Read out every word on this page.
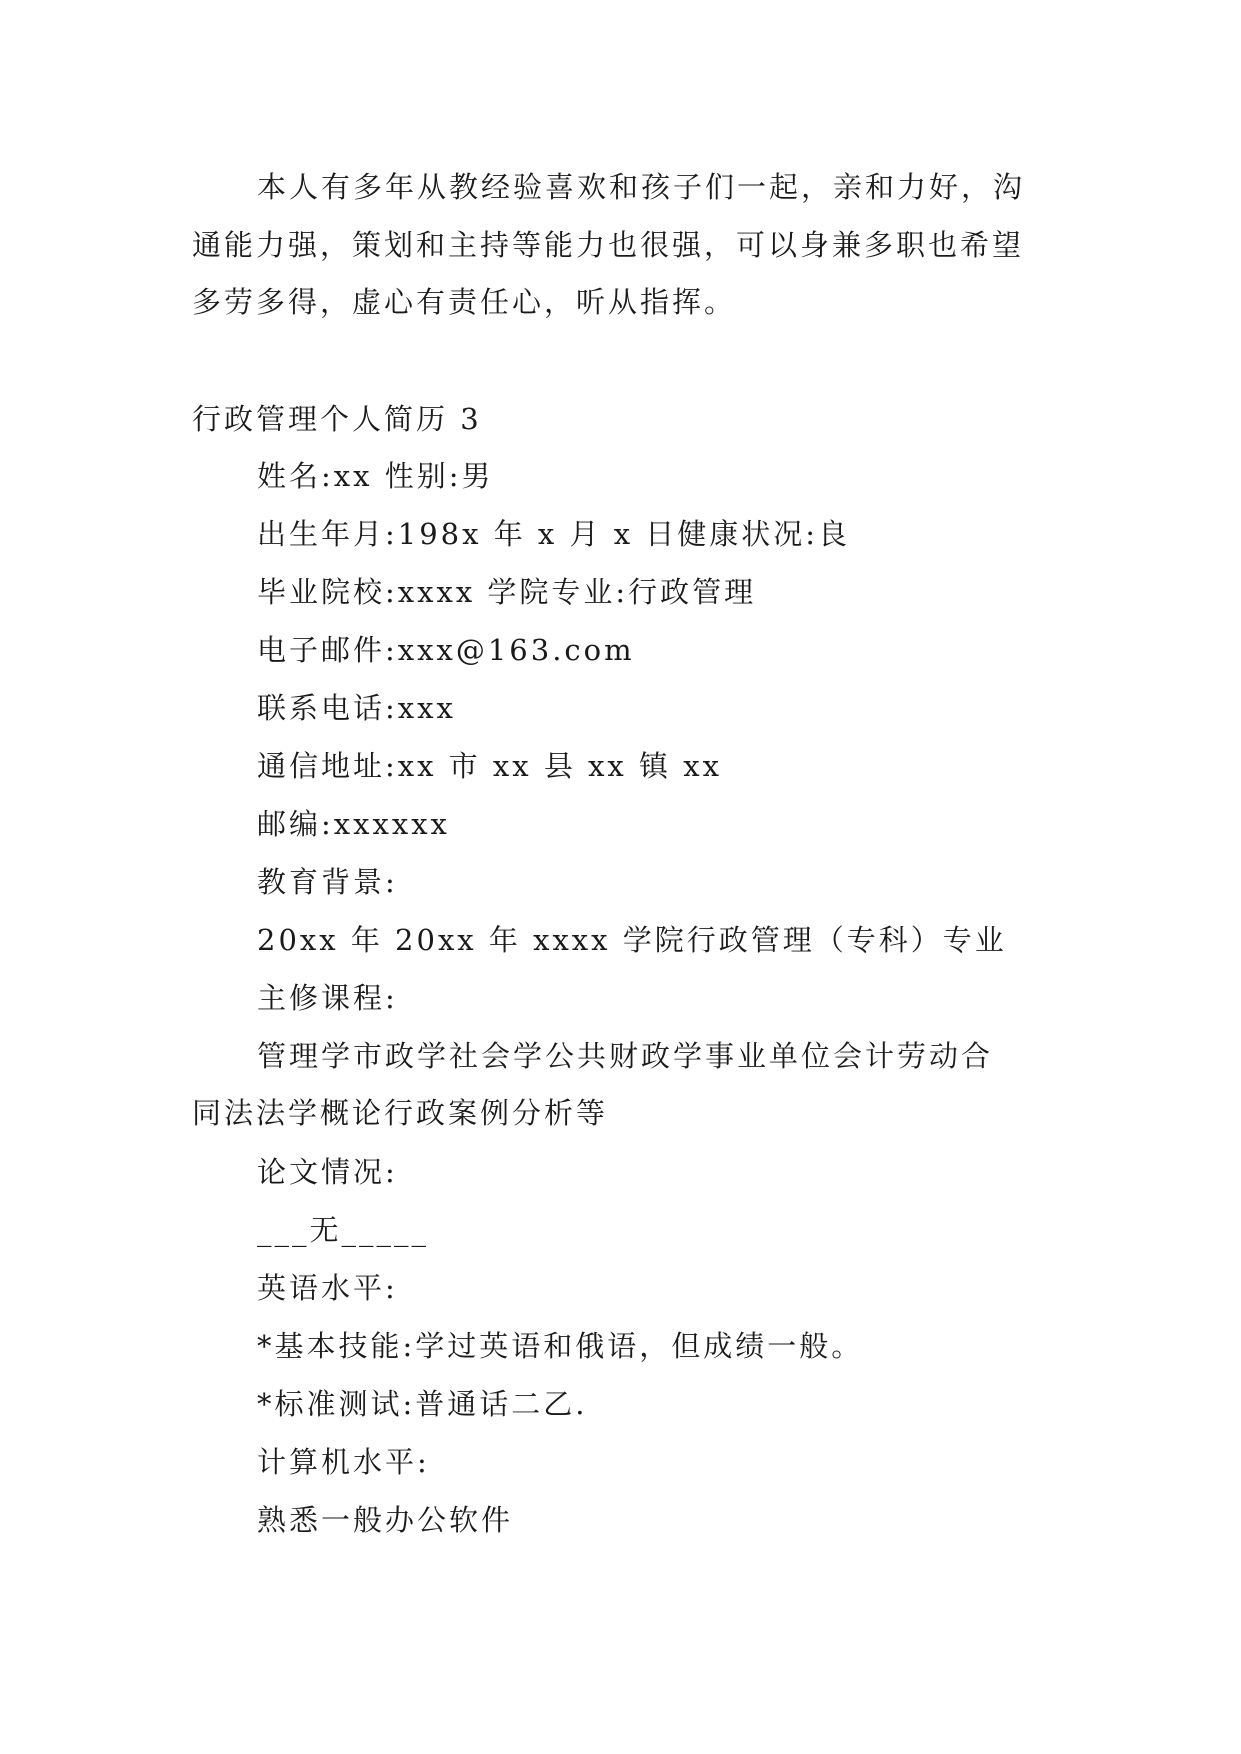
本人有多年从教经验喜欢和孩子们一起，亲和力好，沟
通能力强，策划和主持等能力也很强，可以身兼多职也希望
多劳多得，虚心有责任心，听从指挥。
行政管理个人简历 3
姓名:xx 性别:男
出生年月:198x 年 x 月 x 日健康状况:良
毕业院校:xxxx 学院专业:行政管理
电子邮件:xxx@163.com
联系电话:xxx
通信地址:xx 市 xx 县 xx 镇 xx
邮编:xxxxxx
教育背景:
20xx 年 20xx 年 xxxx 学院行政管理（专科）专业
主修课程:
管理学市政学社会学公共财政学事业单位会计劳动合
同法法学概论行政案例分析等
论文情况:
___无_____
英语水平:
*基本技能:学过英语和俄语，但成绩一般。
*标准测试:普通话二乙.
计算机水平:
熟悉一般办公软件
